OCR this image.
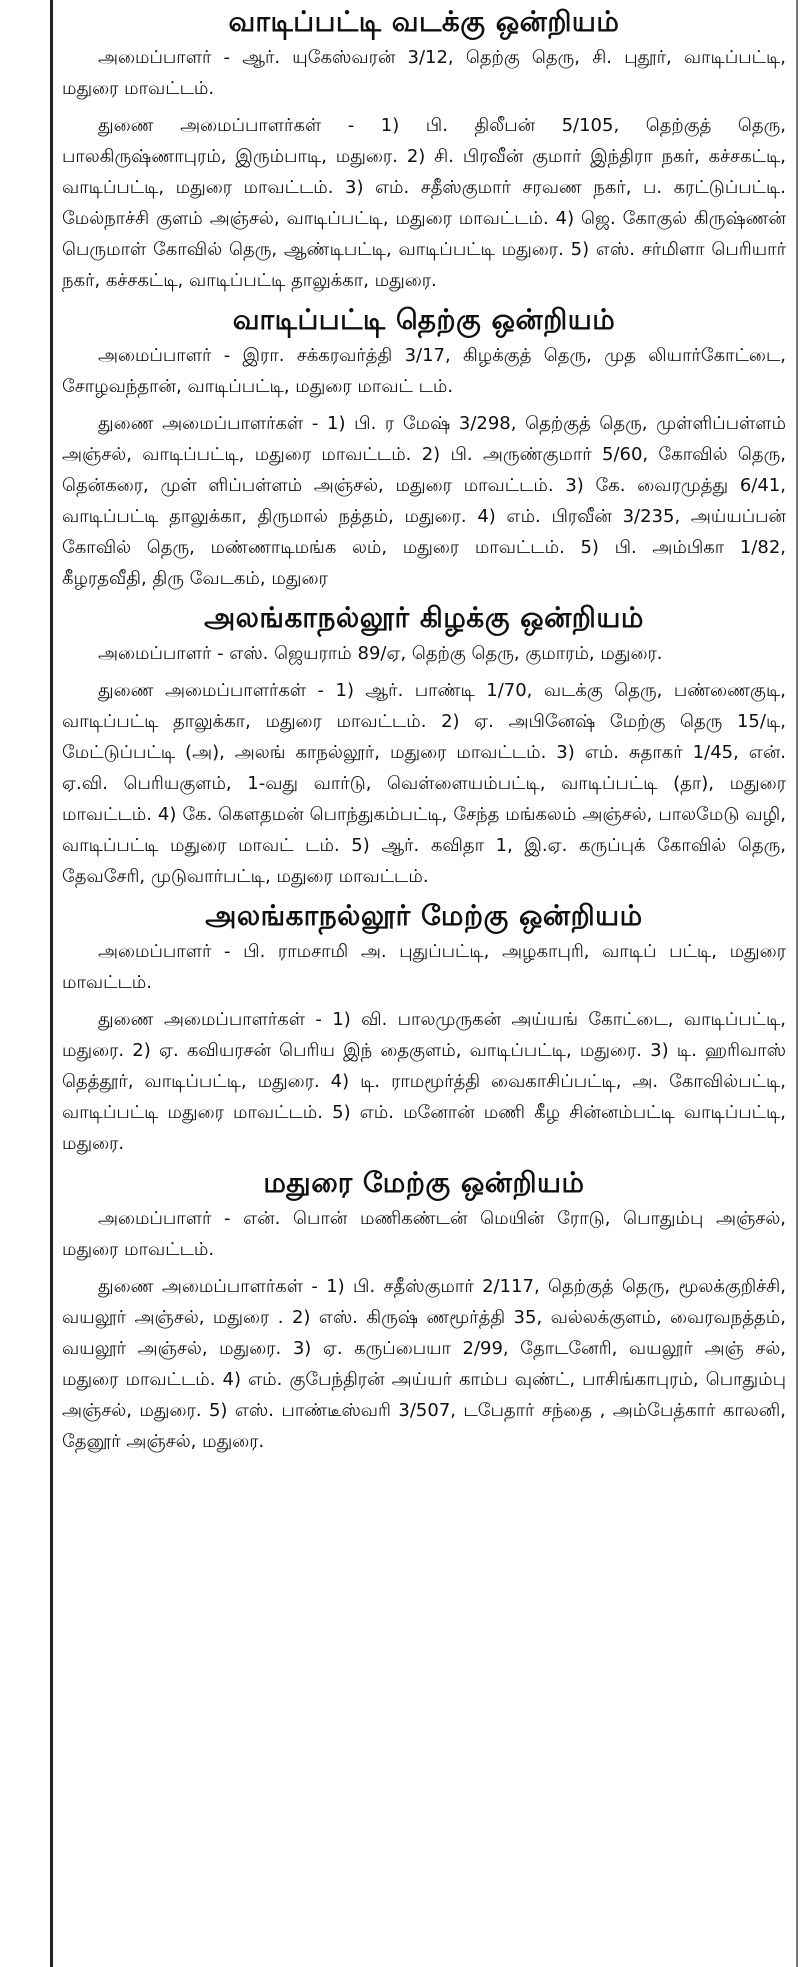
வாடிப்பட்டி வடக்கு ஒன்றியம்

அமைப்பாளர் - ஆர். யுகேஸ்வரன் 3/12, தெற்கு தெரு, சி. புதூர், வாடிப்பட்டி, மதுரை மாவட்டம்.

துணை அமைப்பாளர்கள் - 1) பி. திலீபன் 5/105, தெற்குத் தெரு, பாலகிருஷ்ணாபுரம், இரும்பாடி, மதுரை. 2) சி. பிரவீன் குமார் இந்திரா நகர், கச்சகட்டி, வாடிப்பட்டி, மதுரை மாவட்டம். 3) எம். சதீஸ்குமார் சரவண நகர், ப. கரட்டுப்பட்டி. மேல்நாச்சி குளம் அஞ்சல், வாடிப்பட்டி, மதுரை மாவட்டம். 4) ஜெ. கோகுல் கிருஷ்ணன் பெருமாள் கோவில் தெரு, ஆண்டிபட்டி, வாடிப்பட்டி மதுரை. 5) எஸ். சர்மிளா பெரியார் நகர், கச்சகட்டி, வாடிப்பட்டி தாலுக்கா, மதுரை.

வாடிப்பட்டி தெற்கு ஒன்றியம்

அமைப்பாளர் - இரா. சக்கரவர்த்தி 3/17, கிழக்குத் தெரு, முத லியார்கோட்டை, சோழவந்தான், வாடிப்பட்டி, மதுரை மாவட் டம்.

துணை அமைப்பாளர்கள் - 1) பி. ர மேஷ் 3/298, தெற்குத் தெரு, முள்ளிப்பள்ளம் அஞ்சல், வாடிப்பட்டி, மதுரை மாவட்டம். 2) பி. அருண்குமார் 5/60, கோவில் தெரு, தென்கரை, முள் ளிப்பள்ளம் அஞ்சல், மதுரை மாவட்டம். 3) கே. வைரமுத்து 6/41, வாடிப்பட்டி தாலுக்கா, திருமால் நத்தம், மதுரை. 4) எம். பிரவீன் 3/235, அய்யப்பன் கோவில் தெரு, மண்ணாடிமங்க லம், மதுரை மாவட்டம். 5) பி. அம்பிகா 1/82, கீழரதவீதி, திரு வேடகம், மதுரை

அலங்காநல்லூர் கிழக்கு ஒன்றியம்

அமைப்பாளர் - எஸ். ஜெயராம் 89/ஏ, தெற்கு தெரு, குமாரம், மதுரை.

துணை அமைப்பாளர்கள் - 1) ஆர். பாண்டி 1/70, வடக்கு தெரு, பண்ணைகுடி, வாடிப்பட்டி தாலுக்கா, மதுரை மாவட்டம். 2) ஏ. அபினேஷ் மேற்கு தெரு 15/டி, மேட்டுப்பட்டி (அ), அலங் காநல்லூர், மதுரை மாவட்டம். 3) எம். சுதாகர் 1/45, என். ஏ.வி. பெரியகுளம், 1-வது வார்டு, வெள்ளையம்பட்டி, வாடிப்பட்டி (தா), மதுரை மாவட்டம். 4) கே. கௌதமன் பொந்துகம்பட்டி, சேந்த மங்கலம் அஞ்சல், பாலமேடு வழி, வாடிப்பட்டி மதுரை மாவட் டம். 5) ஆர். கவிதா 1, இ.ஏ. கருப்புக் கோவில் தெரு, தேவசேரி, முடுவார்பட்டி, மதுரை மாவட்டம்.

அலங்காநல்லூர் மேற்கு ஒன்றியம்

அமைப்பாளர் - பி. ராமசாமி அ. புதுப்பட்டி, அழகாபுரி, வாடிப் பட்டி, மதுரை மாவட்டம்.

துணை அமைப்பாளர்கள் - 1) வி. பாலமுருகன் அய்யங் கோட்டை, வாடிப்பட்டி, மதுரை. 2) ஏ. கவியரசன் பெரிய இந் தைகுளம், வாடிப்பட்டி, மதுரை. 3) டி. ஹரிவாஸ் தெத்தூர், வாடிப்பட்டி, மதுரை. 4) டி. ராமமூர்த்தி வைகாசிப்பட்டி, அ. கோவில்பட்டி, வாடிப்பட்டி மதுரை மாவட்டம். 5) எம். மனோன் மணி கீழ சின்னம்பட்டி வாடிப்பட்டி, மதுரை.

மதுரை மேற்கு ஒன்றியம்

அமைப்பாளர் - என். பொன் மணிகண்டன் மெயின் ரோடு, பொதும்பு அஞ்சல், மதுரை மாவட்டம்.

துணை அமைப்பாளர்கள் - 1) பி. சதீஸ்குமார் 2/117, தெற்குத் தெரு, மூலக்குறிச்சி, வயலூர் அஞ்சல், மதுரை . 2) எஸ். கிருஷ் ணமூர்த்தி 35, வல்லக்குளம், வைரவநத்தம், வயலூர் அஞ்சல், மதுரை. 3) ஏ. கருப்பையா 2/99, தோடனேரி, வயலூர் அஞ் சல், மதுரை மாவட்டம். 4) எம். குபேந்திரன் அய்யர் காம்ப வுண்ட், பாசிங்காபுரம், பொதும்பு அஞ்சல், மதுரை. 5) எஸ். பாண்டீஸ்வரி 3/507, டபேதார் சந்தை , அம்பேத்கார் காலனி, தேனூர் அஞ்சல், மதுரை.
